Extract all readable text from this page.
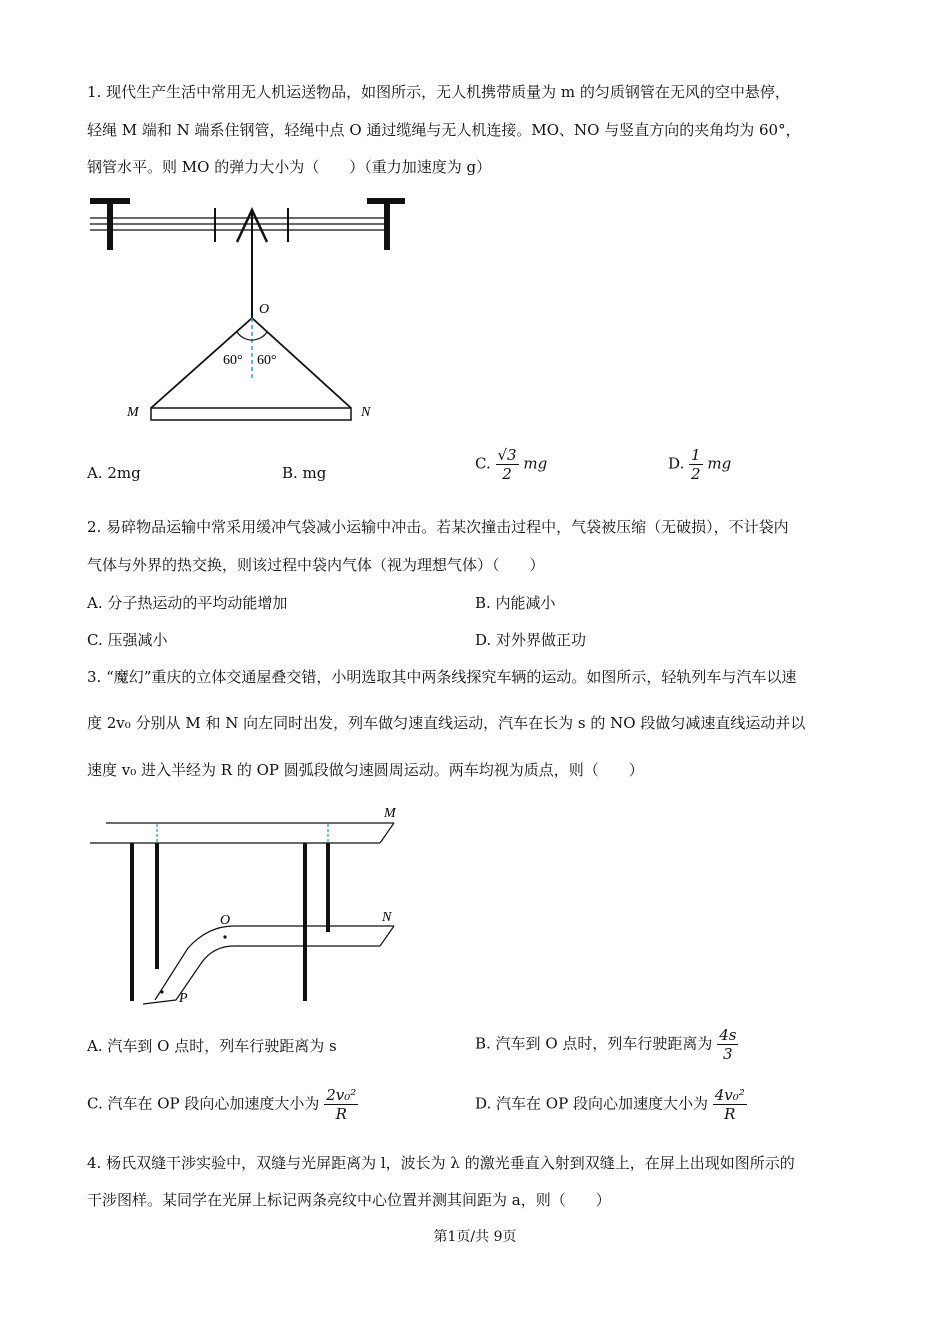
1. 现代生产生活中常用无人机运送物品，如图所示，无人机携带质量为 m 的匀质钢管在无风的空中悬停，
轻绳 M 端和 N 端系住钢管，轻绳中点 O 通过缆绳与无人机连接。MO、NO 与竖直方向的夹角均为 60°，
钢管水平。则 MO 的弹力大小为（　　）（重力加速度为 g）
O
60° 60°
M	N
A. 2mg	B. mg
C. $\frac{√3}{2}$ mg	D. $\frac{1}{2}$ mg
2. 易碎物品运输中常采用缓冲气袋减小运输中冲击。若某次撞击过程中，气袋被压缩（无破损），不计袋内
气体与外界的热交换，则该过程中袋内气体（视为理想气体）（　　）
A. 分子热运动的平均动能增加	B. 内能减小
C. 压强减小	D. 对外界做正功
3. “魔幻”重庆的立体交通屋叠交错，小明选取其中两条线探究车辆的运动。如图所示，轻轨列车与汽车以速
度 2v₀ 分别从 M 和 N 向左同时出发，列车做匀速直线运动，汽车在长为 s 的 NO 段做匀减速直线运动并以
速度 v₀ 进入半经为 R 的 OP 圆弧段做匀速圆周运动。两车均视为质点，则（　　）
M
N
O
P
A. 汽车到 O 点时，列车行驶距离为 s	B. 汽车到 O 点时，列车行驶距离为 $\frac{4s}{3}$
C. 汽车在 OP 段向心加速度大小为 $\frac{\text{2v₀²}}{R}$	D. 汽车在 OP 段向心加速度大小为 $\frac{\text{4v₀²}}{R}$
4. 杨氏双缝干涉实验中，双缝与光屏距离为 l，波长为 λ 的激光垂直入射到双缝上，在屏上出现如图所示的
干涉图样。某同学在光屏上标记两条亮纹中心位置并测其间距为 a，则（　　）
第1页/共 9页
